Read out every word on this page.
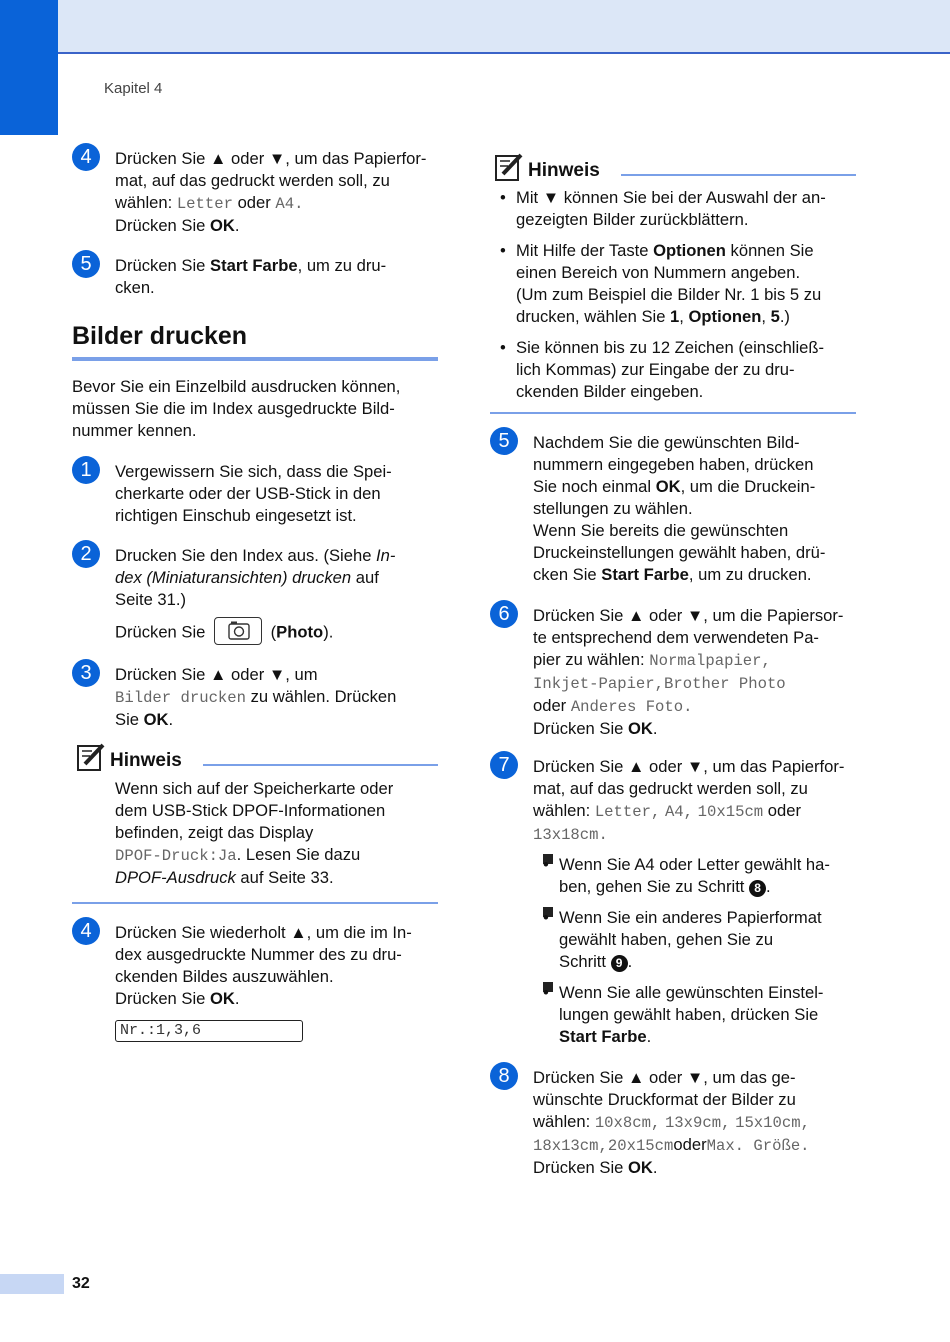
Kapitel 4
4	Drücken Sie ▲ oder ▼, um das Papierfor-
mat, auf das gedruckt werden soll, zu
wählen: Letter oder A4.
Drücken Sie OK.
5	Drücken Sie Start Farbe, um zu dru-
cken.
Bilder drucken
Bevor Sie ein Einzelbild ausdrucken können,
müssen Sie die im Index ausgedruckte Bild-
nummer kennen.
1	Vergewissern Sie sich, dass die Spei-
cherkarte oder der USB-Stick in den
richtigen Einschub eingesetzt ist.
2	Drucken Sie den Index aus. (Siehe In-
dex (Miniaturansichten) drucken auf
Seite 31.)
Drücken Sie	(Photo).
3	Drücken Sie ▲ oder ▼, um
Bilder drucken zu wählen. Drücken
Sie OK.
Hinweis
Wenn sich auf der Speicherkarte oder
dem USB-Stick DPOF-Informationen
befinden, zeigt das Display
DPOF-Druck:Ja. Lesen Sie dazu
DPOF-Ausdruck auf Seite 33.
4	Drücken Sie wiederholt ▲, um die im In-
dex ausgedruckte Nummer des zu dru-
ckenden Bildes auszuwählen.
Drücken Sie OK.
Nr.:1,3,6
Hinweis
• Mit ▼ können Sie bei der Auswahl der an-
gezeigten Bilder zurückblättern.
• Mit Hilfe der Taste Optionen können Sie
einen Bereich von Nummern angeben.
(Um zum Beispiel die Bilder Nr. 1 bis 5 zu
drucken, wählen Sie 1, Optionen, 5.)
• Sie können bis zu 12 Zeichen (einschließ-
lich Kommas) zur Eingabe der zu dru-
ckenden Bilder eingeben.
5	Nachdem Sie die gewünschten Bild-
nummern eingegeben haben, drücken
Sie noch einmal OK, um die Druckein-
stellungen zu wählen.
Wenn Sie bereits die gewünschten
Druckeinstellungen gewählt haben, drü-
cken Sie Start Farbe, um zu drucken.
6	Drücken Sie ▲ oder ▼, um die Papiersor-
te entsprechend dem verwendeten Pa-
pier zu wählen: Normalpapier,
Inkjet-Papier,Brother Photo
oder Anderes Foto.
Drücken Sie OK.
7	Drücken Sie ▲ oder ▼, um das Papierfor-
mat, auf das gedruckt werden soll, zu
wählen: Letter, A4, 10x15cm oder
13x18cm.
• Wenn Sie A4 oder Letter gewählt ha-
ben, gehen Sie zu Schritt 8 .
• Wenn Sie ein anderes Papierformat
gewählt haben, gehen Sie zu
Schritt 9 .
• Wenn Sie alle gewünschten Einstel-
lungen gewählt haben, drücken Sie
Start Farbe.
8	Drücken Sie ▲ oder ▼, um das ge-
wünschte Druckformat der Bilder zu
wählen: 10x8cm, 13x9cm, 15x10cm,
18x13cm,20x15cmoderMax. Größe.
Drücken Sie OK.
32
